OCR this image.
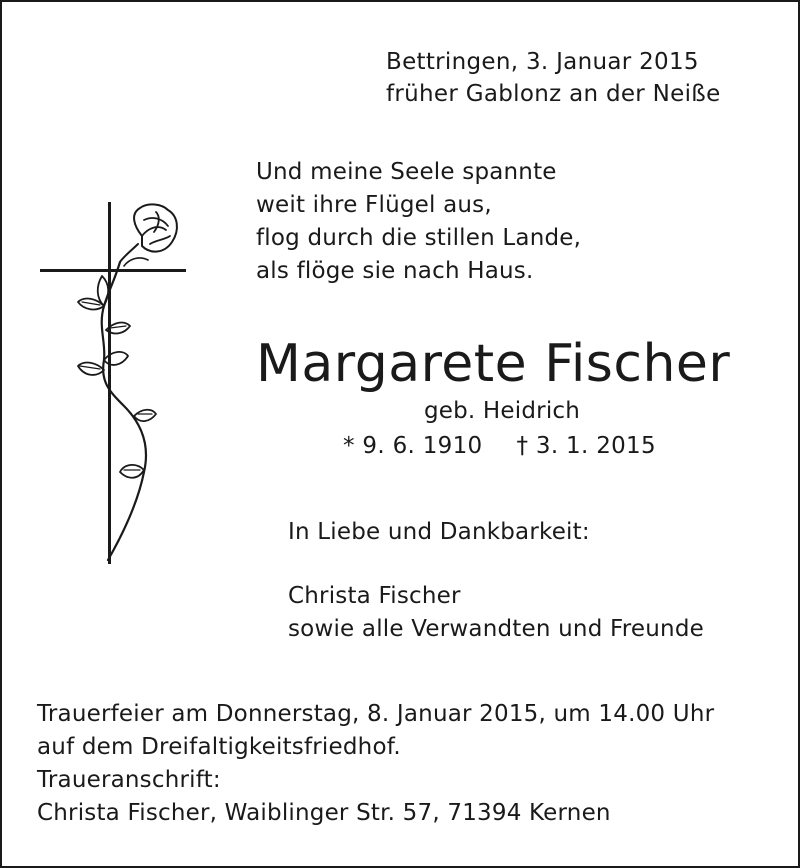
Bettringen, 3. Januar 2015
früher Gablonz an der Neiße
Und meine Seele spannte
weit ihre Flügel aus,
flog durch die stillen Lande,
als flöge sie nach Haus.
Margarete Fischer
geb. Heidrich
* 9. 6. 1910 † 3. 1. 2015
In Liebe und Dankbarkeit:
Christa Fischer
sowie alle Verwandten und Freunde
Trauerfeier am Donnerstag, 8. Januar 2015, um 14.00 Uhr
auf dem Dreifaltigkeitsfriedhof.
Traueranschrift:
Christa Fischer, Waiblinger Str. 57, 71394 Kernen
